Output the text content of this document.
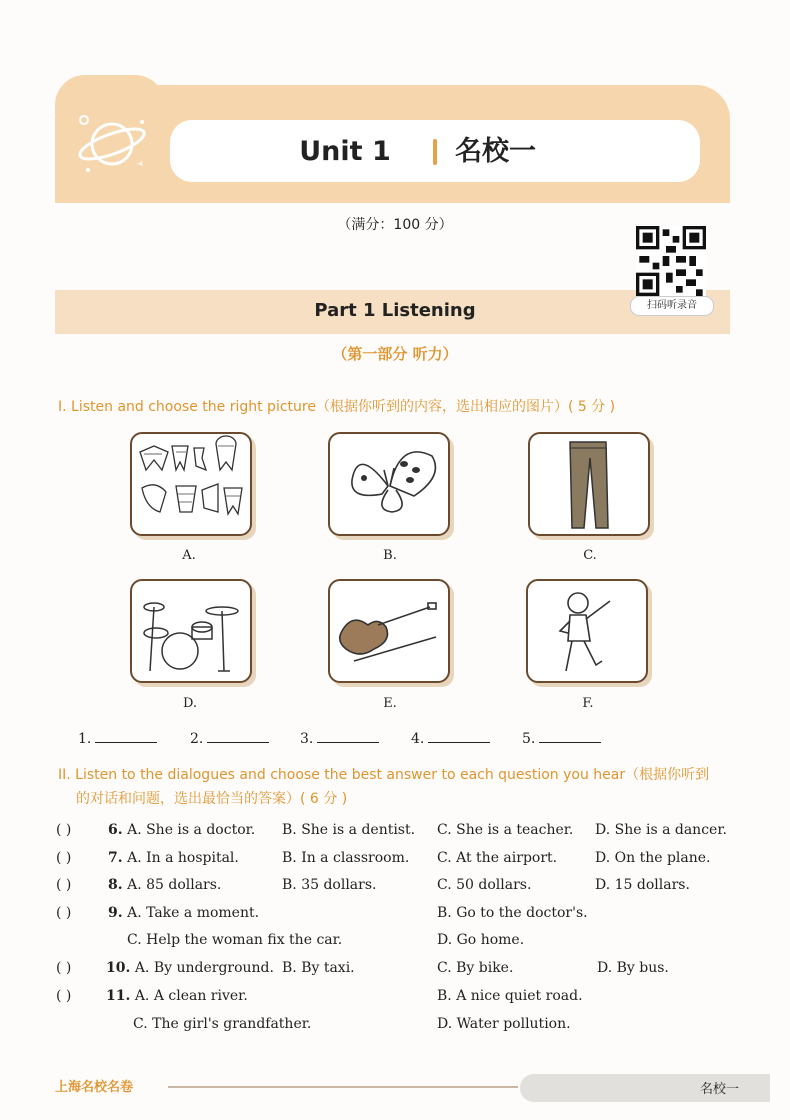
Unit 1	名校一
（满分：100 分）
Part 1 Listening
（第一部分 听力）
扫码听录音
I. Listen and choose the right picture（根据你听到的内容，选出相应的图片）( 5 分 )
A.	B.	C.
D.	E.	F.
1.	2.	3.	4.	5.
II. Listen to the dialogues and choose the best answer to each question you hear（根据你听到
的对话和问题，选出最恰当的答案）( 6 分 )
( )	6. A. She is a doctor. B. She is a dentist. C. She is a teacher. D. She is a dancer.
( )	7. A. In a hospital.	B. In a classroom. C. At the airport.	D. On the plane.
( )	8. A. 85 dollars.	B. 35 dollars.	C. 50 dollars.	D. 15 dollars.
( )	9. A. Take a moment.	B. Go to the doctor's.
C. Help the woman fix the car.	D. Go home.
( ) 10. A. By underground. B. By taxi.	C. By bike.	D. By bus.
( ) 11. A. A clean river.	B. A nice quiet road.
C. The girl's grandfather.	D. Water pollution.
上海名校名卷	名校一
